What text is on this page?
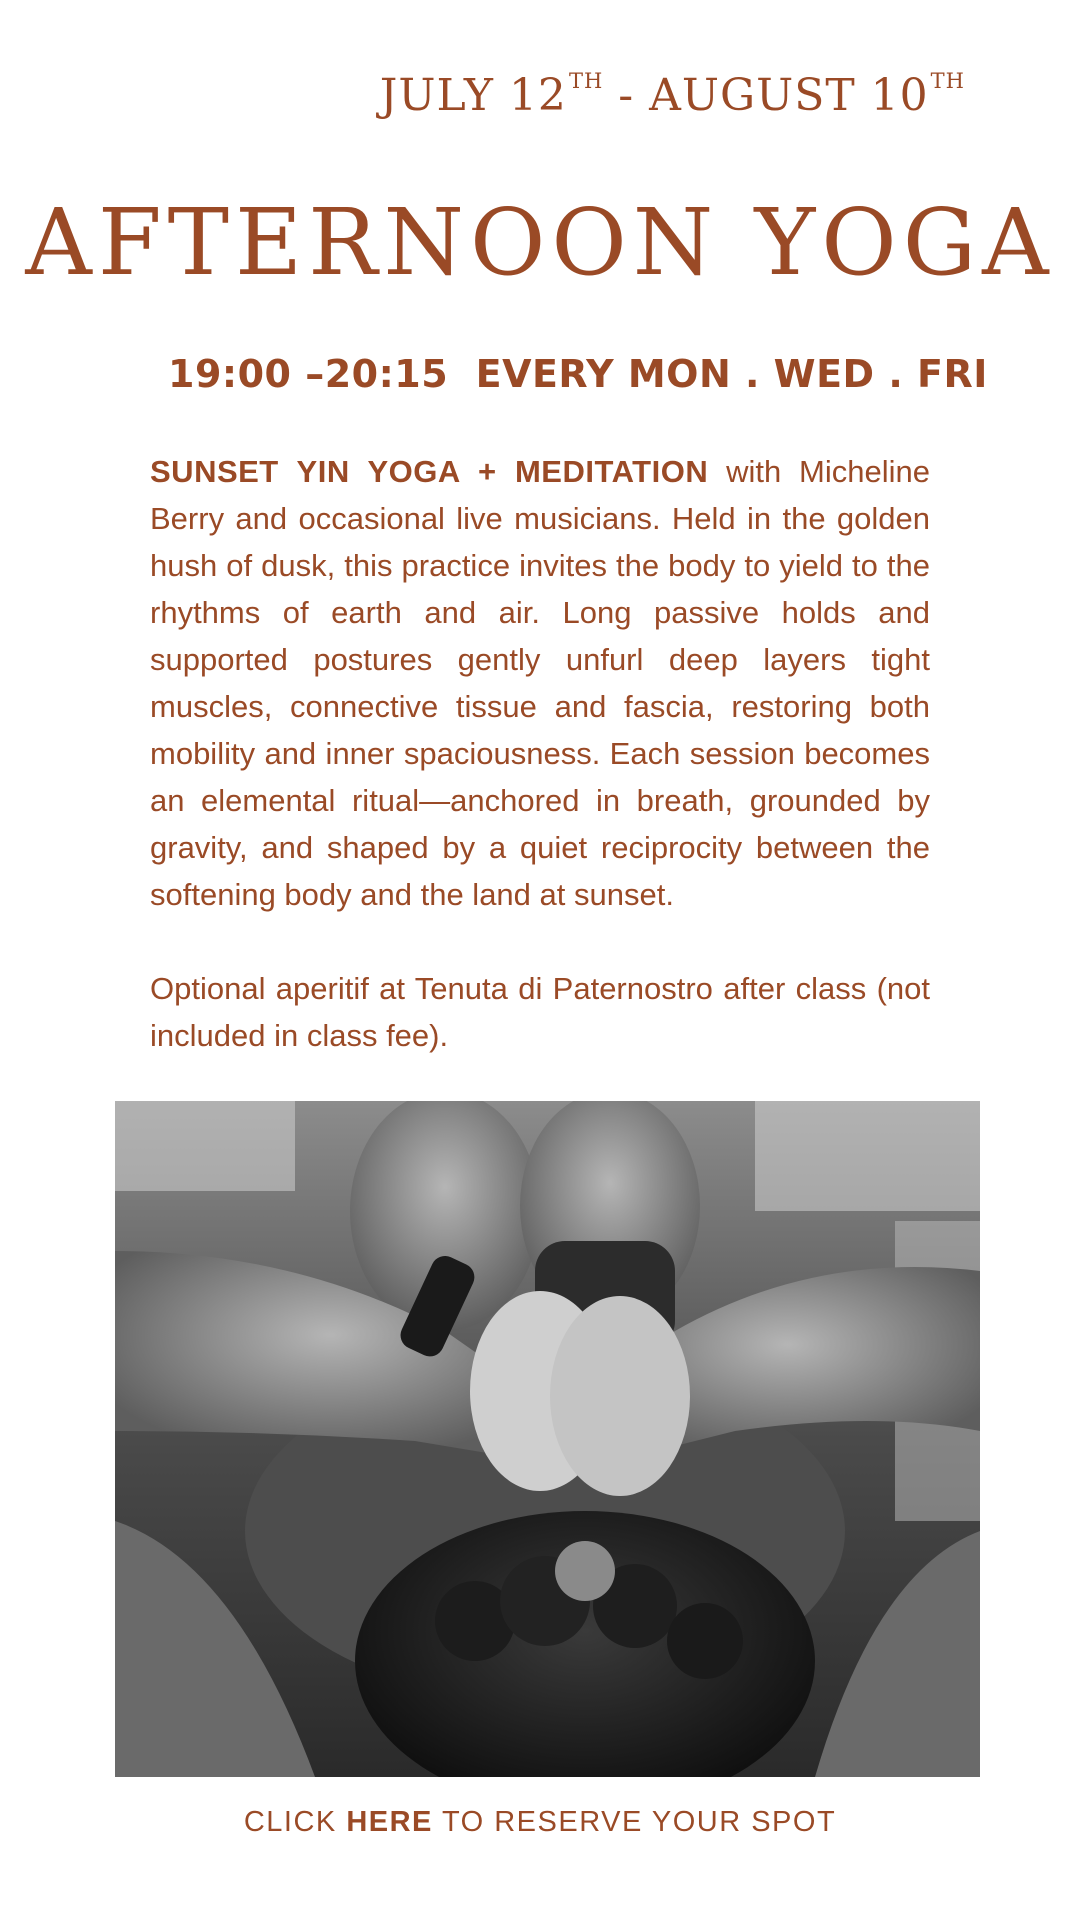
JULY 12TH - AUGUST 10TH
AFTERNOON YOGA
19:00 –20:15  EVERY MON . WED . FRI

SUNSET YIN YOGA + MEDITATION with Micheline Berry and occasional live musicians. Held in the golden hush of dusk, this practice invites the body to yield to the rhythms of earth and air. Long passive holds and supported postures gently unfurl deep layers tight muscles, connective tissue and fascia, restoring both mobility and inner spaciousness. Each session becomes an elemental ritual—anchored in breath, grounded by gravity, and shaped by a quiet reciprocity between the softening body and the land at sunset.

Optional aperitif at Tenuta di Paternostro after class (not included in class fee).

CLICK HERE TO RESERVE YOUR SPOT
